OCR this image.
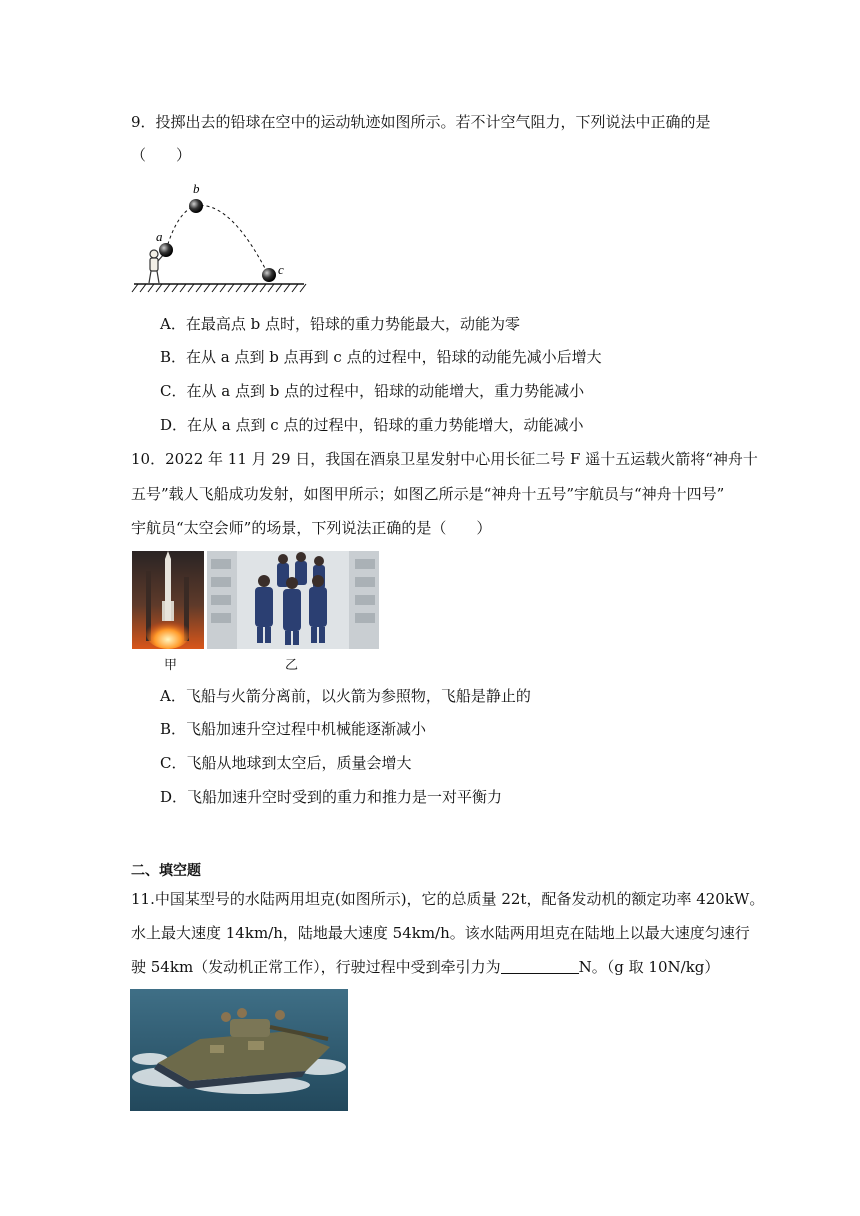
9．投掷出去的铅球在空中的运动轨迹如图所示。若不计空气阻力，下列说法中正确的是
（　　）
a
b
c
A．在最高点 b 点时，铅球的重力势能最大，动能为零
B．在从 a 点到 b 点再到 c 点的过程中，铅球的动能先减小后增大
C．在从 a 点到 b 点的过程中，铅球的动能增大，重力势能减小
D．在从 a 点到 c 点的过程中，铅球的重力势能增大，动能减小
10．2022 年 11 月 29 日，我国在酒泉卫星发射中心用长征二号 F 遥十五运载火箭将“神舟十
五号”载人飞船成功发射，如图甲所示；如图乙所示是“神舟十五号”宇航员与“神舟十四号”
宇航员“太空会师”的场景，下列说法正确的是（　　）
甲	乙
A．飞船与火箭分离前，以火箭为参照物，飞船是静止的
B．飞船加速升空过程中机械能逐渐减小
C．飞船从地球到太空后，质量会增大
D．飞船加速升空时受到的重力和推力是一对平衡力
二、填空题
11.中国某型号的水陆两用坦克(如图所示)，它的总质量 22t，配备发动机的额定功率 420kW。
水上最大速度 14km/h，陆地最大速度 54km/h。该水陆两用坦克在陆地上以最大速度匀速行
驶 54km（发动机正常工作），行驶过程中受到牵引力为	N。（g 取 10N/kg）
